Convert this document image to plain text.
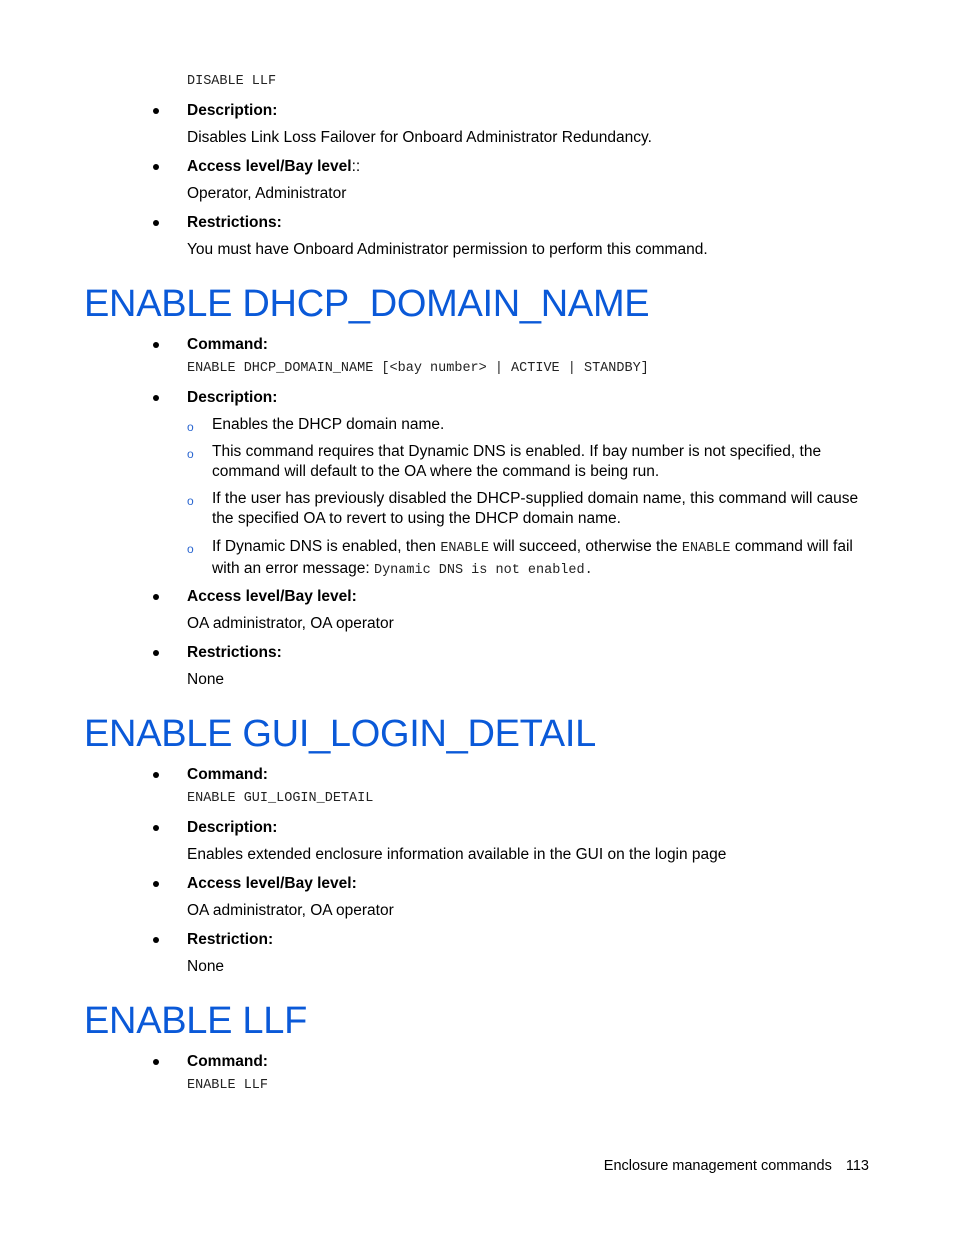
DISABLE LLF
Description:
Disables Link Loss Failover for Onboard Administrator Redundancy.
Access level/Bay level::
Operator, Administrator
Restrictions:
You must have Onboard Administrator permission to perform this command.
ENABLE DHCP_DOMAIN_NAME
Command:
ENABLE DHCP_DOMAIN_NAME [<bay number> | ACTIVE | STANDBY]
Description:
o Enables the DHCP domain name.
o This command requires that Dynamic DNS is enabled. If bay number is not specified, the command will default to the OA where the command is being run.
o If the user has previously disabled the DHCP-supplied domain name, this command will cause the specified OA to revert to using the DHCP domain name.
o If Dynamic DNS is enabled, then ENABLE will succeed, otherwise the ENABLE command will fail with an error message: Dynamic DNS is not enabled.
Access level/Bay level:
OA administrator, OA operator
Restrictions:
None
ENABLE GUI_LOGIN_DETAIL
Command:
ENABLE GUI_LOGIN_DETAIL
Description:
Enables extended enclosure information available in the GUI on the login page
Access level/Bay level:
OA administrator, OA operator
Restriction:
None
ENABLE LLF
Command:
ENABLE LLF
Enclosure management commands 113
